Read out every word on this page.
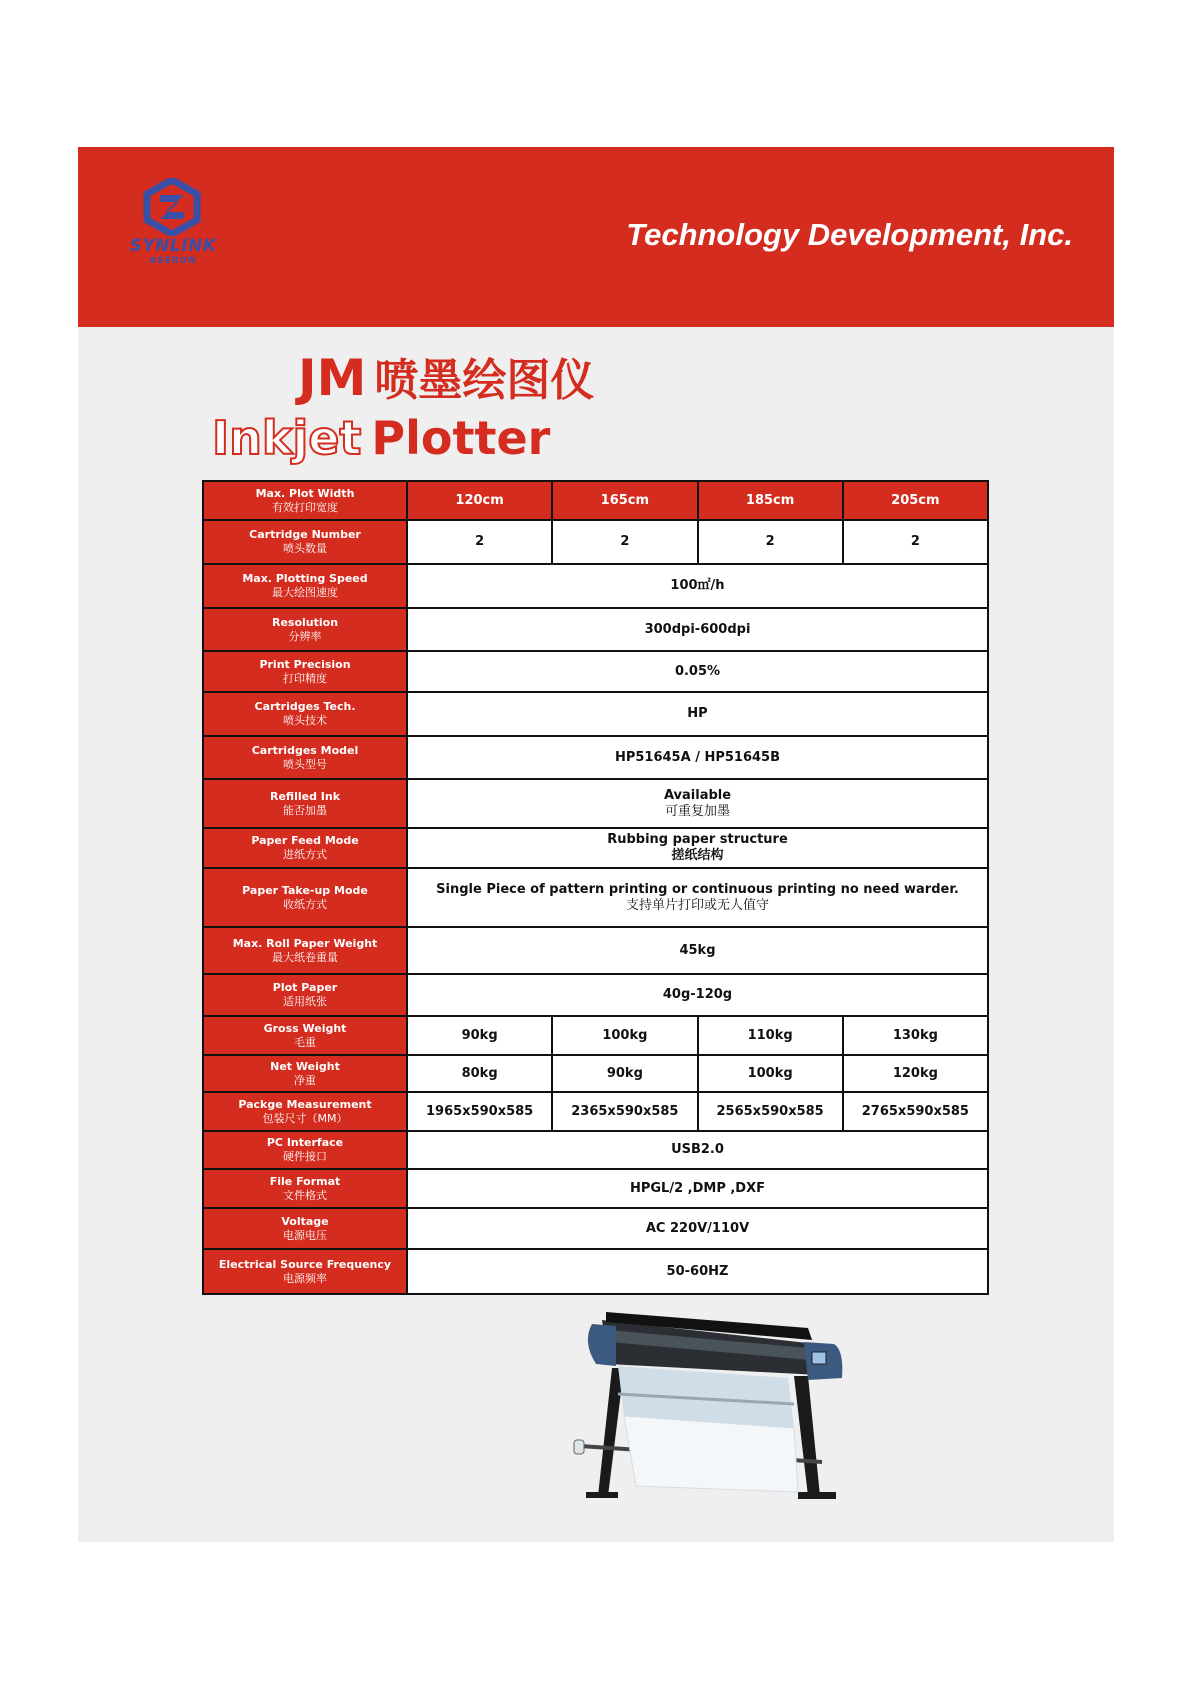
SYNLINK
ASERUN
Technology Development, Inc.
JM 喷墨绘图仪
Inkjet Plotter
Max. Plot Width
有效打印宽度	120cm	165cm	185cm	205cm

Cartridge Number
喷头数量	2	2	2	2

Max. Plotting Speed
最大绘图速度	100㎡/h			

Resolution
分辨率	300dpi-600dpi			

Print Precision
打印精度	0.05%			

Cartridges Tech.
喷头技术	HP			

Cartridges Model
喷头型号	HP51645A / HP51645B			

Refilled Ink
能否加墨	Available
可重复加墨			

Paper Feed Mode
进纸方式	Rubbing paper structure
搓纸结构			

Paper Take-up Mode
收纸方式	Single Piece of pattern printing or continuous printing no need warder.
支持单片打印或无人值守			

Max. Roll Paper Weight
最大纸卷重量	45kg			

Plot Paper
适用纸张	40g-120g			

Gross Weight
毛重	90kg	100kg	110kg	130kg

Net Weight
净重	80kg	90kg	100kg	120kg

Packge Measurement
包装尺寸（MM）	1965x590x585	2365x590x585	2565x590x585	2765x590x585

PC Interface
硬件接口	USB2.0			

File Format
文件格式	HPGL/2 ,DMP ,DXF			

Voltage
电源电压	AC 220V/110V			

Electrical Source Frequency
电源频率	50-60HZ			
